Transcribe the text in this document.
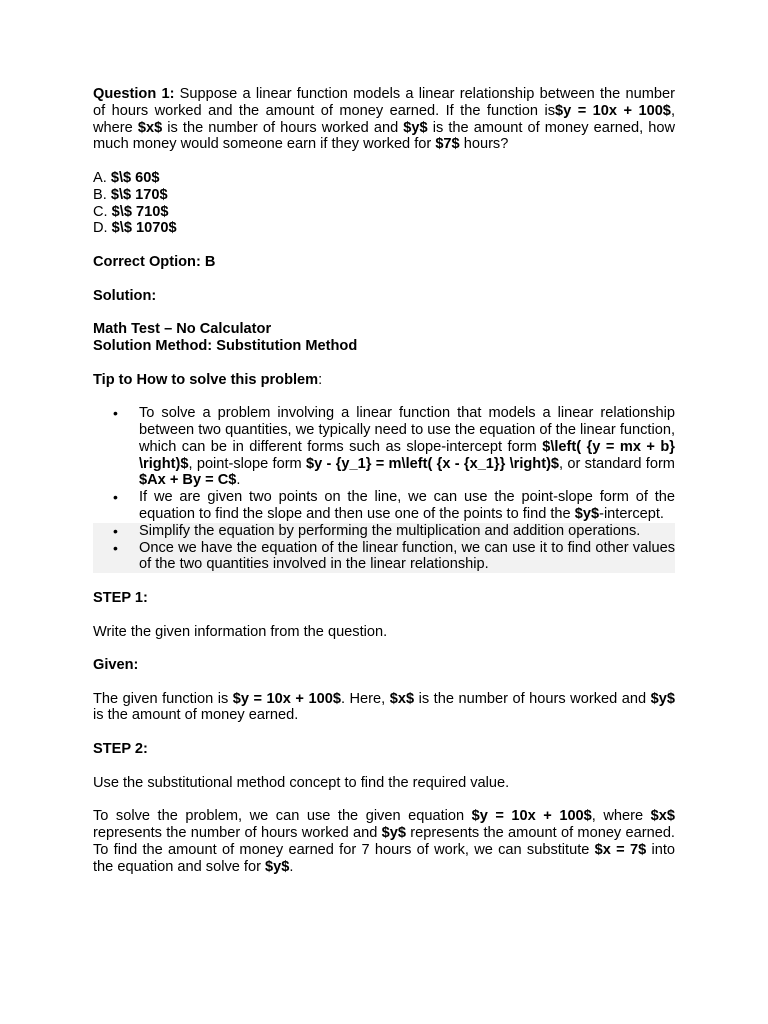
Question 1: Suppose a linear function models a linear relationship between the number of hours worked and the amount of money earned. If the function is$y = 10x + 100$, where $x$ is the number of hours worked and $y$ is the amount of money earned, how much money would someone earn if they worked for $7$ hours?

A. $\$ 60$

B. $\$ 170$

C. $\$ 710$

D. $\$ 1070$

Correct Option: B

Solution:

Math Test – No Calculator

Solution Method: Substitution Method

Tip to How to solve this problem:

• To solve a problem involving a linear function that models a linear relationship between two quantities, we typically need to use the equation of the linear function, which can be in different forms such as slope-intercept form $\left( {y = mx + b} \right)$, point-slope form $y - {y_1} = m\left( {x - {x_1}} \right)$, or standard form $Ax + By = C$.
• If we are given two points on the line, we can use the point-slope form of the equation to find the slope and then use one of the points to find the $y$-intercept.
• Simplify the equation by performing the multiplication and addition operations.
• Once we have the equation of the linear function, we can use it to find other values of the two quantities involved in the linear relationship.

STEP 1:

Write the given information from the question.

Given:

The given function is $y = 10x + 100$. Here, $x$ is the number of hours worked and $y$ is the amount of money earned.

STEP 2:

Use the substitutional method concept to find the required value.

To solve the problem, we can use the given equation $y = 10x + 100$, where $x$ represents the number of hours worked and $y$ represents the amount of money earned. To find the amount of money earned for 7 hours of work, we can substitute $x = 7$ into the equation and solve for $y$.
